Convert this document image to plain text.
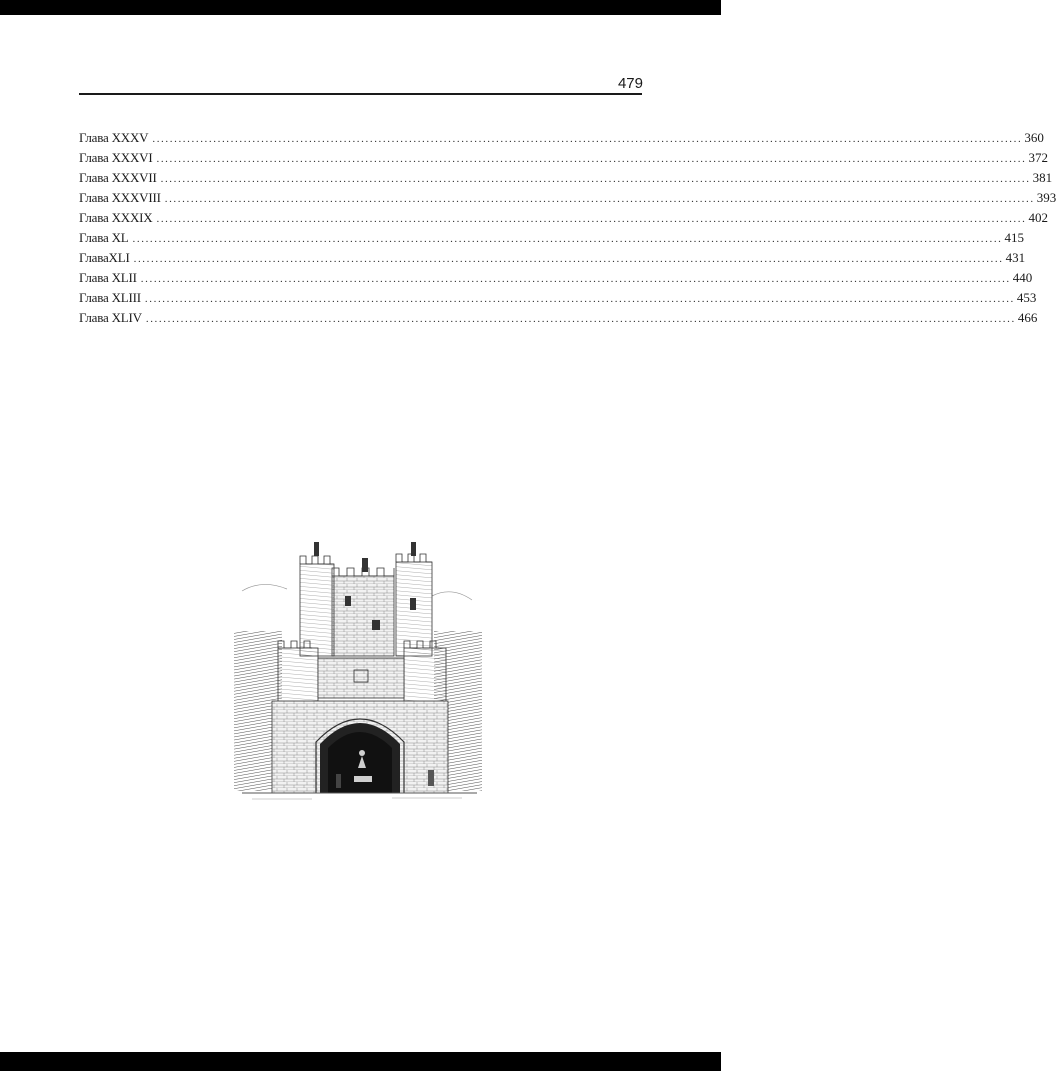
479
Глава XXXV ........................................................................................................................................................................................................ 360
Глава XXXVI ........................................................................................................................................................................................................ 372
Глава XXXVII ........................................................................................................................................................................................................ 381
Глава XXXVIII ........................................................................................................................................................................................................ 393
Глава XXXIX ........................................................................................................................................................................................................ 402
Глава XL ........................................................................................................................................................................................................ 415
ГлаваXLI ........................................................................................................................................................................................................ 431
Глава XLII ........................................................................................................................................................................................................ 440
Глава XLIII ........................................................................................................................................................................................................ 453
Глава XLIV ........................................................................................................................................................................................................ 466
